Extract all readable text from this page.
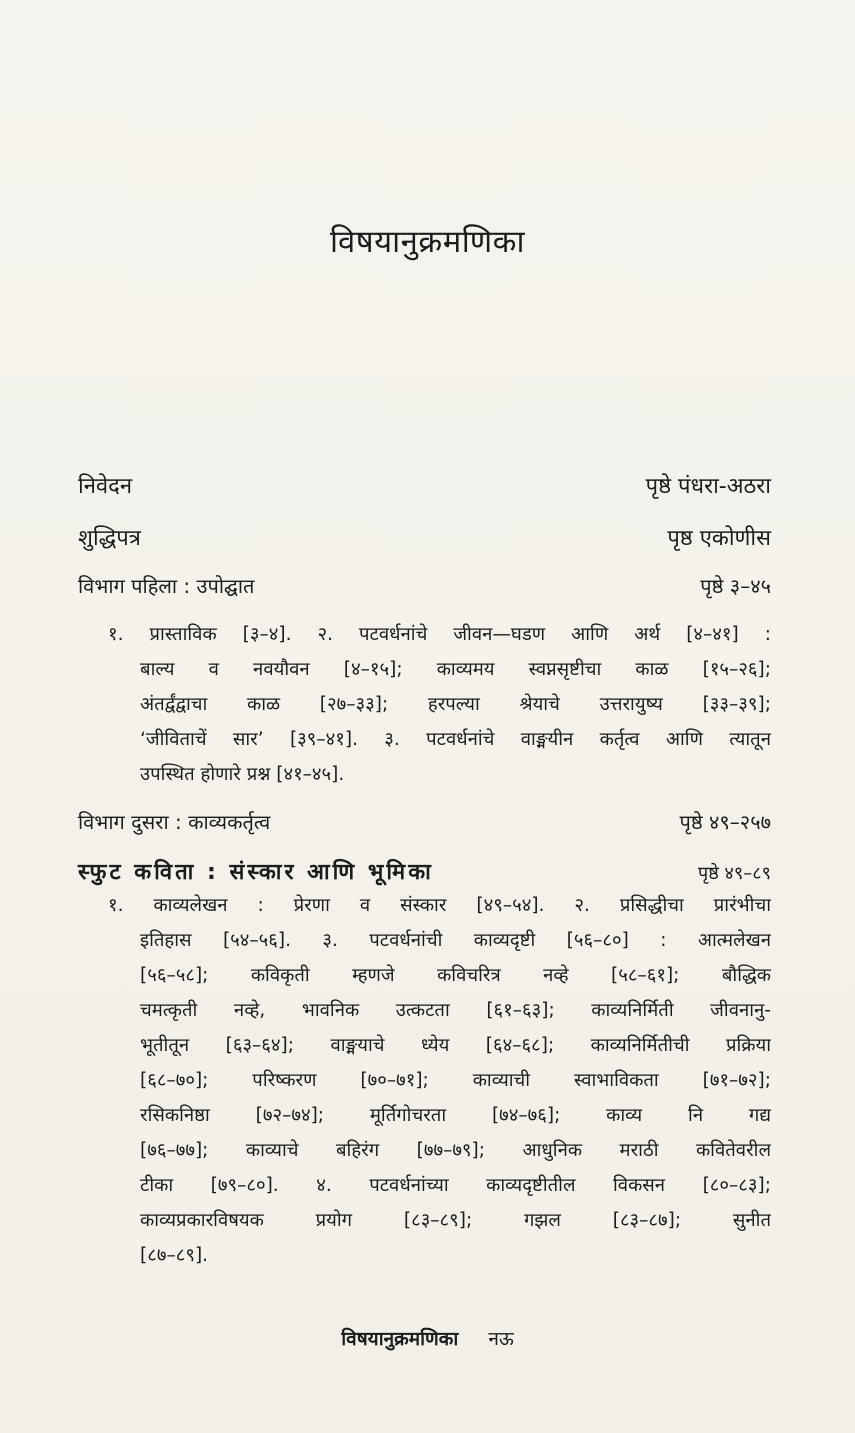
विषयानुक्रमणिका
निवेदन	पृष्ठे पंधरा-अठरा
शुद्धिपत्र	पृष्ठ एकोणीस
विभाग पहिला : उपोद्घात	पृष्ठे ३–४५
१. प्रास्ताविक [३–४]. २. पटवर्धनांचे जीवन—घडण आणि अर्थ [४–४१] :
बाल्य व नवयौवन [४–१५]; काव्यमय स्वप्नसृष्टीचा काळ [१५–२६];
अंतर्द्वंद्वाचा काळ [२७–३३]; हरपल्या श्रेयाचे उत्तरायुष्य [३३–३९];
‘जीविताचें सार’ [३९–४१]. ३. पटवर्धनांचे वाङ्मयीन कर्तृत्व आणि त्यातून
उपस्थित होणारे प्रश्न [४१–४५].
विभाग दुसरा : काव्यकर्तृत्व	पृष्ठे ४९–२५७
स्फुट कविता : संस्कार आणि भूमिका	पृष्ठे ४९–८९
१. काव्यलेखन : प्रेरणा व संस्कार [४९–५४]. २. प्रसिद्धीचा प्रारंभीचा
इतिहास [५४–५६]. ३. पटवर्धनांची काव्यदृष्टी [५६–८०] : आत्मलेखन
[५६–५८]; कविकृती म्हणजे कविचरित्र नव्हे [५८–६१]; बौद्धिक
चमत्कृती नव्हे, भावनिक उत्कटता [६१–६३]; काव्यनिर्मिती जीवनानु-
भूतीतून [६३–६४]; वाङ्मयाचे ध्येय [६४–६८]; काव्यनिर्मितीची प्रक्रिया
[६८–७०]; परिष्करण [७०–७१]; काव्याची स्वाभाविकता [७१–७२];
रसिकनिष्ठा [७२–७४]; मूर्तिगोचरता [७४–७६]; काव्य नि गद्य
[७६–७७]; काव्याचे बहिरंग [७७–७९]; आधुनिक मराठी कवितेवरील
टीका [७९–८०]. ४. पटवर्धनांच्या काव्यदृष्टीतील विकसन [८०–८३];
काव्यप्रकारविषयक प्रयोग [८३–८९]; गझल [८३–८७]; सुनीत
[८७–८९].
विषयानुक्रमणिका नऊ
